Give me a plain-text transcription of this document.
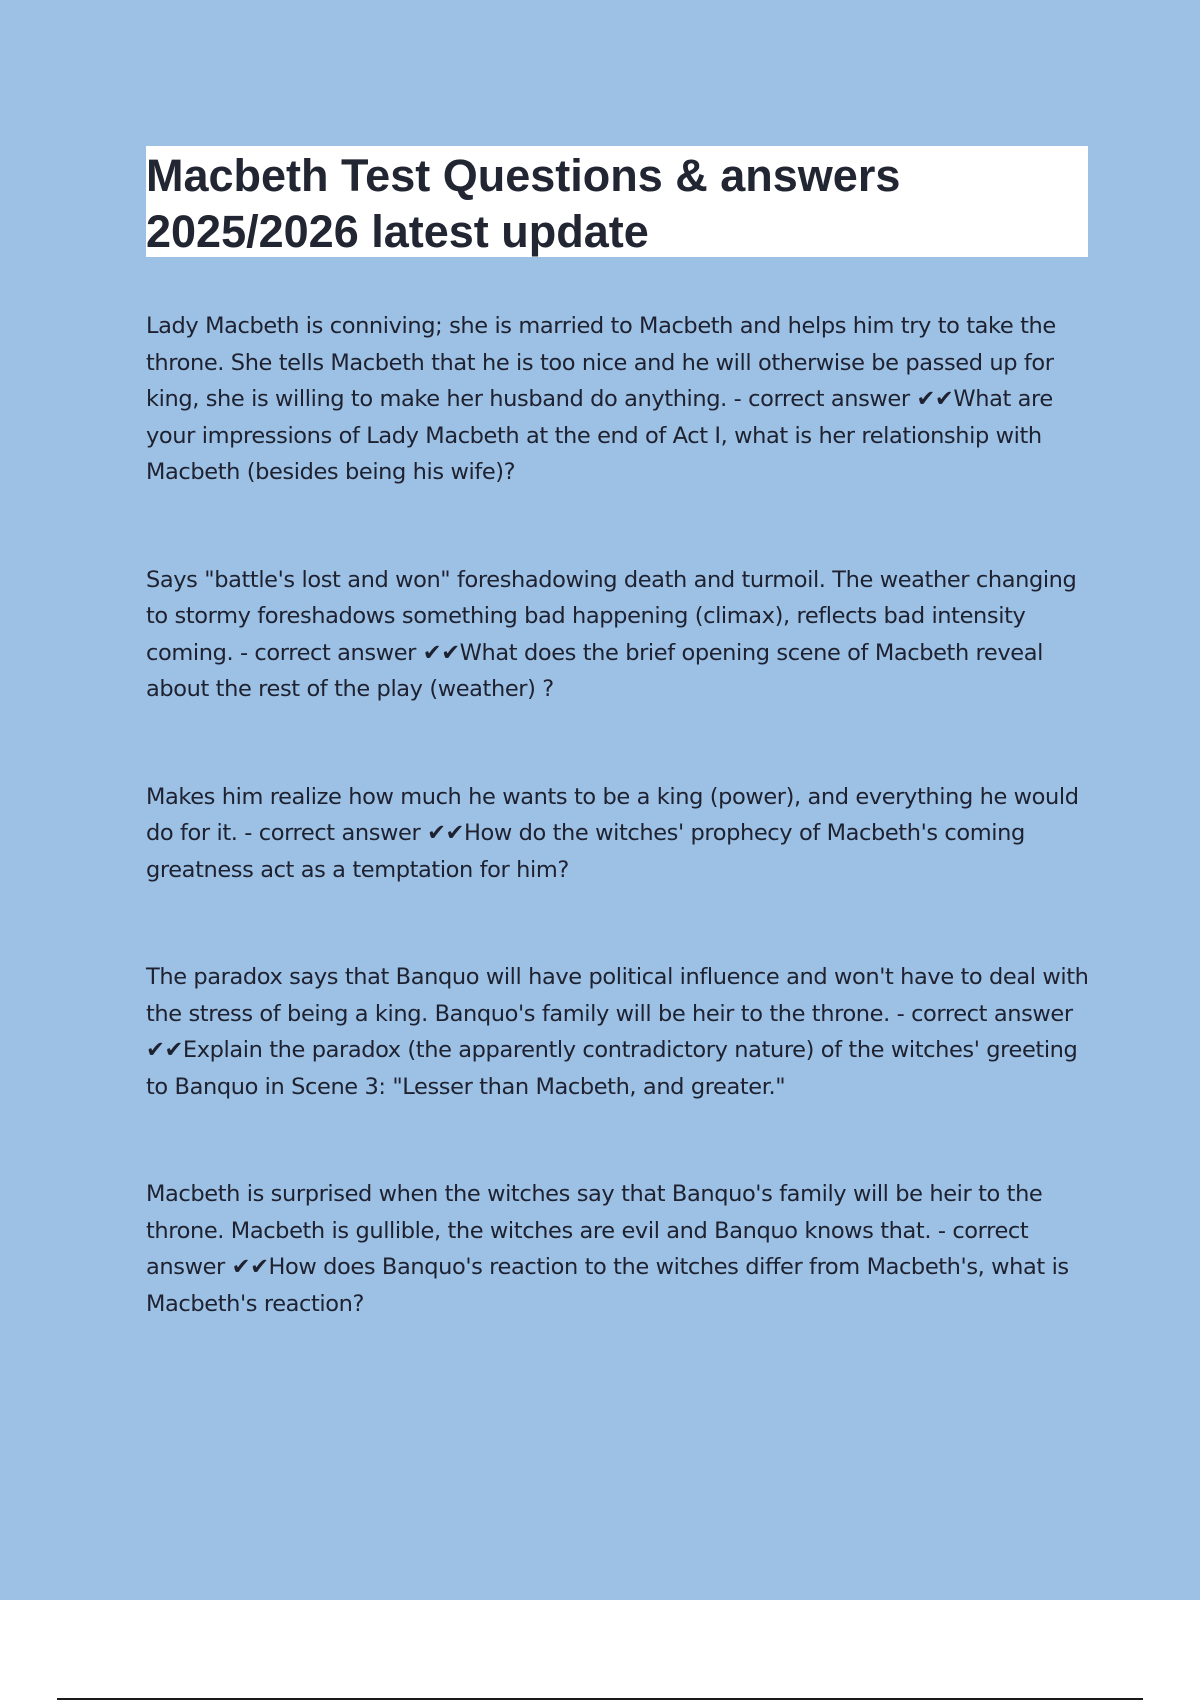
Macbeth Test Questions & answers
2025/2026 latest update

Lady Macbeth is conniving; she is married to Macbeth and helps him try to take the throne. She tells Macbeth that he is too nice and he will otherwise be passed up for king, she is willing to make her husband do anything. - correct answer ✔✔What are your impressions of Lady Macbeth at the end of Act I, what is her relationship with Macbeth (besides being his wife)?

Says "battle's lost and won" foreshadowing death and turmoil. The weather changing to stormy foreshadows something bad happening (climax), reflects bad intensity coming. - correct answer ✔✔What does the brief opening scene of Macbeth reveal about the rest of the play (weather) ?

Makes him realize how much he wants to be a king (power), and everything he would do for it. - correct answer ✔✔How do the witches' prophecy of Macbeth's coming greatness act as a temptation for him?

The paradox says that Banquo will have political influence and won't have to deal with the stress of being a king. Banquo's family will be heir to the throne. - correct answer ✔✔Explain the paradox (the apparently contradictory nature) of the witches' greeting to Banquo in Scene 3: "Lesser than Macbeth, and greater."

Macbeth is surprised when the witches say that Banquo's family will be heir to the throne. Macbeth is gullible, the witches are evil and Banquo knows that. - correct answer ✔✔How does Banquo's reaction to the witches differ from Macbeth's, what is Macbeth's reaction?
